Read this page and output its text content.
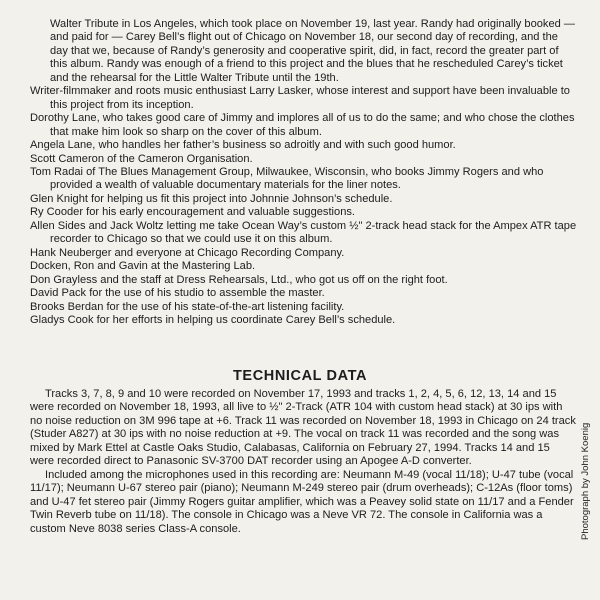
Walter Tribute in Los Angeles, which took place on November 19, last year. Randy had originally booked — and paid for — Carey Bell’s flight out of Chicago on November 18, our second day of recording, and the day that we, because of Randy’s generosity and cooperative spirit, did, in fact, record the greater part of this album. Randy was enough of a friend to this project and the blues that he rescheduled Carey’s ticket and the rehearsal for the Little Walter Tribute until the 19th.

Writer-filmmaker and roots music enthusiast Larry Lasker, whose interest and support have been invaluable to this project from its inception.

Dorothy Lane, who takes good care of Jimmy and implores all of us to do the same; and who chose the clothes that make him look so sharp on the cover of this album.

Angela Lane, who handles her father’s business so adroitly and with such good humor.

Scott Cameron of the Cameron Organisation.

Tom Radai of The Blues Management Group, Milwaukee, Wisconsin, who books Jimmy Rogers and who provided a wealth of valuable documentary materials for the liner notes.

Glen Knight for helping us fit this project into Johnnie Johnson’s schedule.

Ry Cooder for his early encouragement and valuable suggestions.

Allen Sides and Jack Woltz letting me take Ocean Way’s custom ½" 2-track head stack for the Ampex ATR tape recorder to Chicago so that we could use it on this album.

Hank Neuberger and everyone at Chicago Recording Company.

Docken, Ron and Gavin at the Mastering Lab.

Don Grayless and the staff at Dress Rehearsals, Ltd., who got us off on the right foot.

David Pack for the use of his studio to assemble the master.

Brooks Berdan for the use of his state-of-the-art listening facility.

Gladys Cook for her efforts in helping us coordinate Carey Bell’s schedule.

TECHNICAL DATA

Tracks 3, 7, 8, 9 and 10 were recorded on November 17, 1993 and tracks 1, 2, 4, 5, 6, 12, 13, 14 and 15 were recorded on November 18, 1993, all live to ½" 2-Track (ATR 104 with custom head stack) at 30 ips with no noise reduction on 3M 996 tape at +6. Track 11 was recorded on November 18, 1993 in Chicago on 24 track (Studer A827) at 30 ips with no noise reduction at +9. The vocal on track 11 was recorded and the song was mixed by Mark Ettel at Castle Oaks Studio, Calabasas, California on February 27, 1994. Tracks 14 and 15 were recorded direct to Panasonic SV-3700 DAT recorder using an Apogee A-D converter.

Included among the microphones used in this recording are: Neumann M-49 (vocal 11/18); U-47 tube (vocal 11/17); Neumann U-67 stereo pair (piano); Neumann M-249 stereo pair (drum overheads); C-12As (floor toms) and U-47 fet stereo pair (Jimmy Rogers guitar amplifier, which was a Peavey solid state on 11/17 and a Fender Twin Reverb tube on 11/18). The console in Chicago was a Neve VR 72. The console in California was a custom Neve 8038 series Class-A console.	Photograph by John Koenig
